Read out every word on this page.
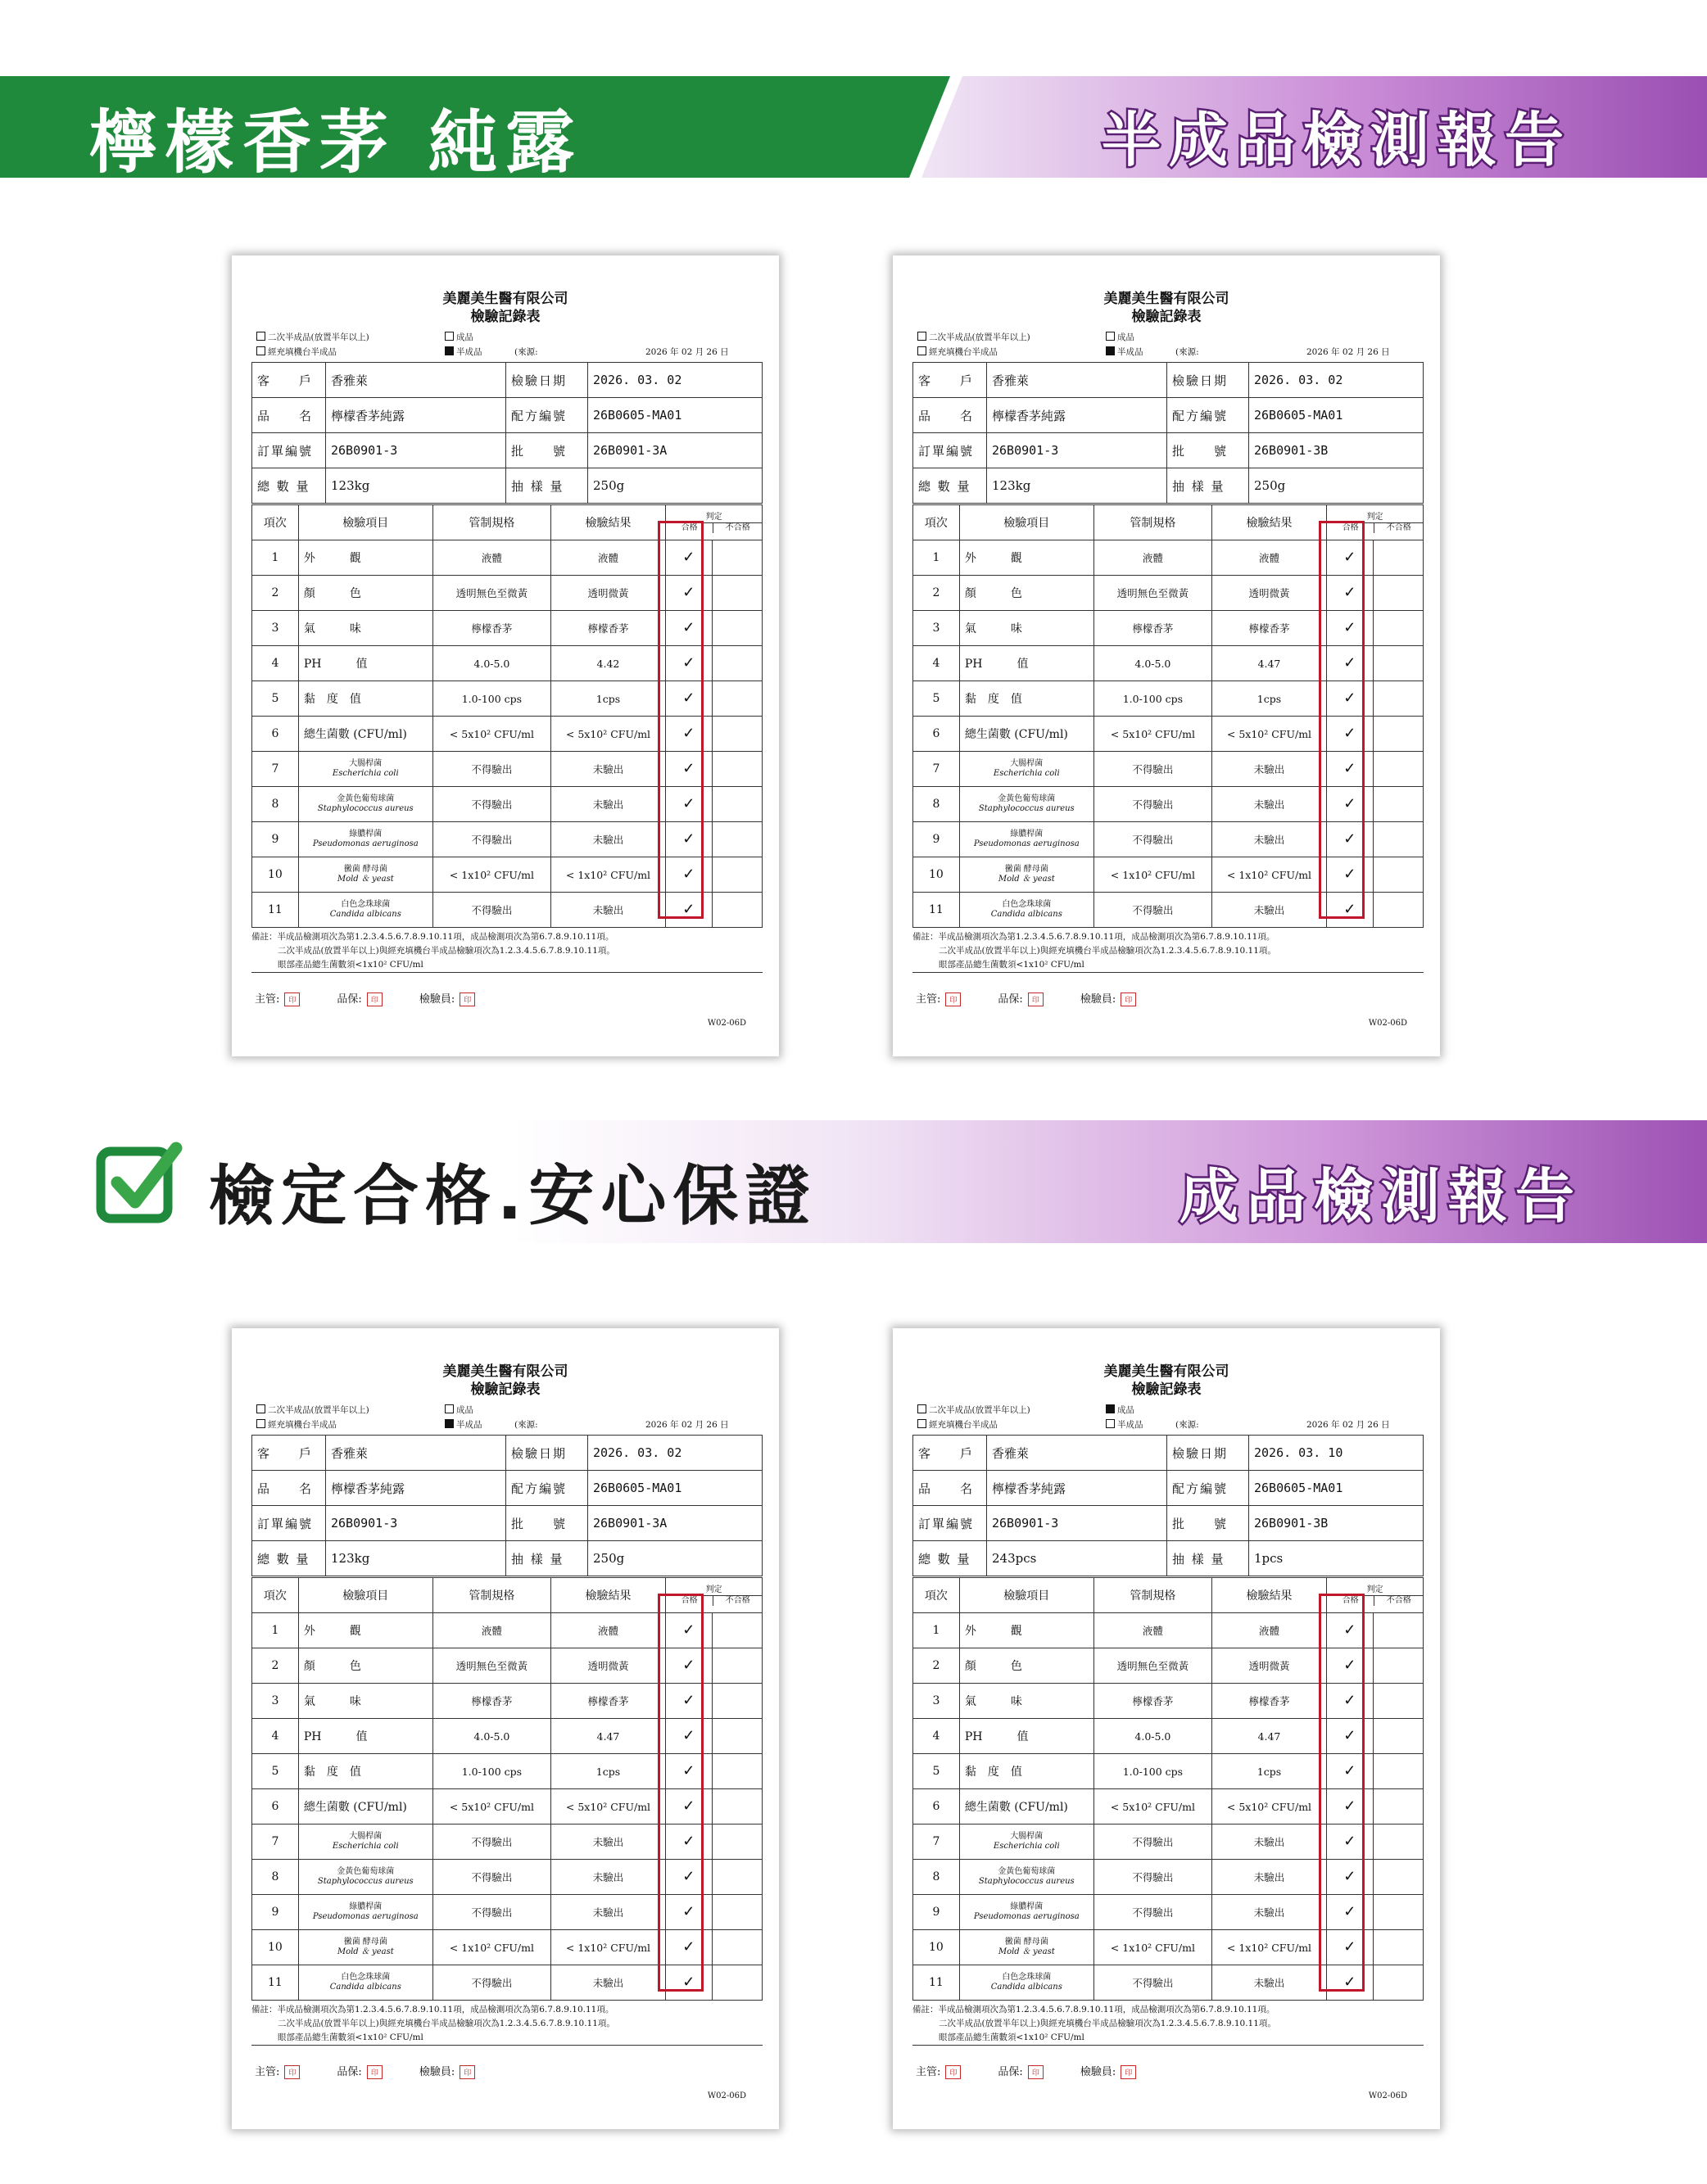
檸檬香茅 純露	半成品檢測報告
檢定合格.安心保證	成品檢測報告
美麗美生醫有限公司
檢驗記錄表
二次半成品(放置半年以上)	成品
經充填機台半成品	半成品	(來源:	2026 年 02 月 26 日
客　　戶	香雅萊	檢驗日期	2026. 03. 02
品　　名	檸檬香茅純露	配方編號	26B0605-MA01
訂單編號	26B0901-3	批　　號	26B0901-3A
總 數 量	123kg	抽 樣 量	250g
項次	檢驗項目	管制規格	檢驗結果	判定
合格 不合格	

1	外　　　觀	液體	液體	✓	
2	顏　　　色	透明無色至微黃	透明微黃	✓	
3	氣　　　味	檸檬香茅	檸檬香茅	✓	
4	PH　　　值	4.0-5.0	4.42	✓	
5	黏　度　值	1.0-100 cps	1cps	✓	
6	總生菌數 (CFU/ml)	< 5x10² CFU/ml	< 5x10² CFU/ml	✓	
7	大腸桿菌
Escherichia coli	不得驗出	未驗出	✓	
8	金黃色葡萄球菌
Staphylococcus aureus	不得驗出	未驗出	✓	
9	綠膿桿菌
Pseudomonas aeruginosa	不得驗出	未驗出	✓	
10	黴菌 酵母菌
Mold ＆ yeast	< 1x10² CFU/ml	< 1x10² CFU/ml	✓	
11	白色念珠球菌
Candida albicans	不得驗出	未驗出	✓	
備註：半成品檢測項次為第1.2.3.4.5.6.7.8.9.10.11項，成品檢測項次為第6.7.8.9.10.11項。
二次半成品(放置半年以上)與經充填機台半成品檢驗項次為1.2.3.4.5.6.7.8.9.10.11項。
眼部產品總生菌數須<1x10² CFU/ml
主管: 印　　　	品保: 印　　　	檢驗員: 印
W02-06D
美麗美生醫有限公司
檢驗記錄表
二次半成品(放置半年以上)	成品
經充填機台半成品	半成品	(來源:	2026 年 02 月 26 日
客　　戶	香雅萊	檢驗日期	2026. 03. 02
品　　名	檸檬香茅純露	配方編號	26B0605-MA01
訂單編號	26B0901-3	批　　號	26B0901-3B
總 數 量	123kg	抽 樣 量	250g
項次	檢驗項目	管制規格	檢驗結果	判定
合格 不合格	

1	外　　　觀	液體	液體	✓	
2	顏　　　色	透明無色至微黃	透明微黃	✓	
3	氣　　　味	檸檬香茅	檸檬香茅	✓	
4	PH　　　值	4.0-5.0	4.47	✓	
5	黏　度　值	1.0-100 cps	1cps	✓	
6	總生菌數 (CFU/ml)	< 5x10² CFU/ml	< 5x10² CFU/ml	✓	
7	大腸桿菌
Escherichia coli	不得驗出	未驗出	✓	
8	金黃色葡萄球菌
Staphylococcus aureus	不得驗出	未驗出	✓	
9	綠膿桿菌
Pseudomonas aeruginosa	不得驗出	未驗出	✓	
10	黴菌 酵母菌
Mold ＆ yeast	< 1x10² CFU/ml	< 1x10² CFU/ml	✓	
11	白色念珠球菌
Candida albicans	不得驗出	未驗出	✓	
備註：半成品檢測項次為第1.2.3.4.5.6.7.8.9.10.11項，成品檢測項次為第6.7.8.9.10.11項。
二次半成品(放置半年以上)與經充填機台半成品檢驗項次為1.2.3.4.5.6.7.8.9.10.11項。
眼部產品總生菌數須<1x10² CFU/ml
主管: 印　　　	品保: 印　　　	檢驗員: 印
W02-06D
美麗美生醫有限公司
檢驗記錄表
二次半成品(放置半年以上)	成品
經充填機台半成品	半成品	(來源:	2026 年 02 月 26 日
客　　戶	香雅萊	檢驗日期	2026. 03. 02
品　　名	檸檬香茅純露	配方編號	26B0605-MA01
訂單編號	26B0901-3	批　　號	26B0901-3A
總 數 量	123kg	抽 樣 量	250g
項次	檢驗項目	管制規格	檢驗結果	判定
合格 不合格	

1	外　　　觀	液體	液體	✓	
2	顏　　　色	透明無色至微黃	透明微黃	✓	
3	氣　　　味	檸檬香茅	檸檬香茅	✓	
4	PH　　　值	4.0-5.0	4.47	✓	
5	黏　度　值	1.0-100 cps	1cps	✓	
6	總生菌數 (CFU/ml)	< 5x10² CFU/ml	< 5x10² CFU/ml	✓	
7	大腸桿菌
Escherichia coli	不得驗出	未驗出	✓	
8	金黃色葡萄球菌
Staphylococcus aureus	不得驗出	未驗出	✓	
9	綠膿桿菌
Pseudomonas aeruginosa	不得驗出	未驗出	✓	
10	黴菌 酵母菌
Mold ＆ yeast	< 1x10² CFU/ml	< 1x10² CFU/ml	✓	
11	白色念珠球菌
Candida albicans	不得驗出	未驗出	✓	
備註：半成品檢測項次為第1.2.3.4.5.6.7.8.9.10.11項，成品檢測項次為第6.7.8.9.10.11項。
二次半成品(放置半年以上)與經充填機台半成品檢驗項次為1.2.3.4.5.6.7.8.9.10.11項。
眼部產品總生菌數須<1x10² CFU/ml
主管: 印　　　	品保: 印　　　	檢驗員: 印
W02-06D
美麗美生醫有限公司
檢驗記錄表
二次半成品(放置半年以上)	成品
經充填機台半成品	半成品	(來源:	2026 年 02 月 26 日
客　　戶	香雅萊	檢驗日期	2026. 03. 10
品　　名	檸檬香茅純露	配方編號	26B0605-MA01
訂單編號	26B0901-3	批　　號	26B0901-3B
總 數 量	243pcs	抽 樣 量	1pcs
項次	檢驗項目	管制規格	檢驗結果	判定
合格 不合格	

1	外　　　觀	液體	液體	✓	
2	顏　　　色	透明無色至微黃	透明微黃	✓	
3	氣　　　味	檸檬香茅	檸檬香茅	✓	
4	PH　　　值	4.0-5.0	4.47	✓	
5	黏　度　值	1.0-100 cps	1cps	✓	
6	總生菌數 (CFU/ml)	< 5x10² CFU/ml	< 5x10² CFU/ml	✓	
7	大腸桿菌
Escherichia coli	不得驗出	未驗出	✓	
8	金黃色葡萄球菌
Staphylococcus aureus	不得驗出	未驗出	✓	
9	綠膿桿菌
Pseudomonas aeruginosa	不得驗出	未驗出	✓	
10	黴菌 酵母菌
Mold ＆ yeast	< 1x10² CFU/ml	< 1x10² CFU/ml	✓	
11	白色念珠球菌
Candida albicans	不得驗出	未驗出	✓	
備註：半成品檢測項次為第1.2.3.4.5.6.7.8.9.10.11項，成品檢測項次為第6.7.8.9.10.11項。
二次半成品(放置半年以上)與經充填機台半成品檢驗項次為1.2.3.4.5.6.7.8.9.10.11項。
眼部產品總生菌數須<1x10² CFU/ml
主管: 印　　　	品保: 印　　　	檢驗員: 印
W02-06D
